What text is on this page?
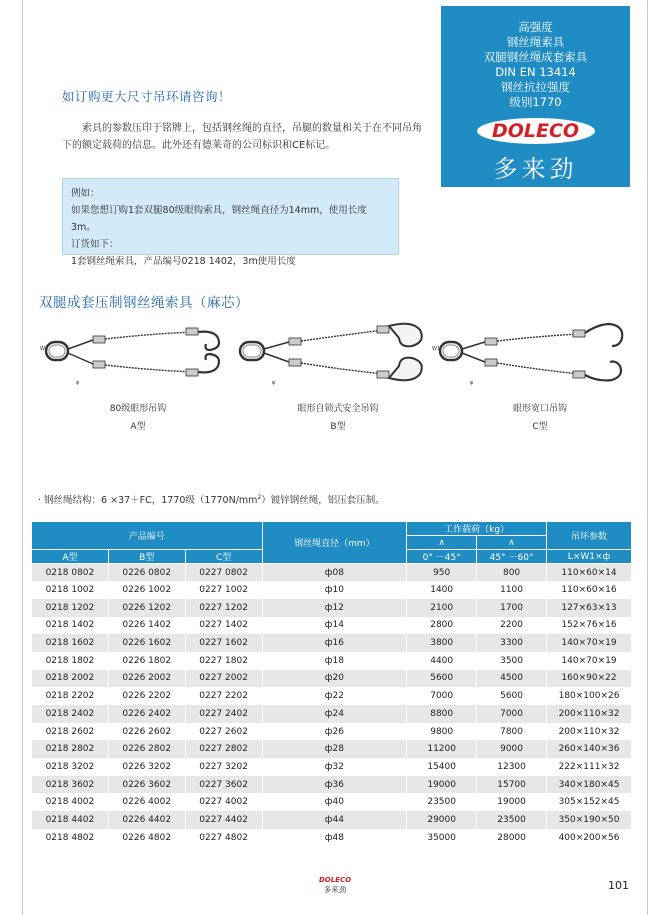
高强度
钢丝绳索具
双腿钢丝绳成套索具
DIN EN 13414
钢丝抗拉强度
级别1770
DOLECO
多来劲
如订购更大尺寸吊环请咨询！
索具的参数压印于铭牌上，包括钢丝绳的直径，吊腿的数量和关于在不同吊角下的额定载荷的信息。此外还有德莱奇的公司标识和CE标记。
例如：
如果您想订购1套双腿80级眼钩索具，钢丝绳直径为14mm，使用长度3m。
订货如下：
1套钢丝绳索具，产品编号0218 1402，3m使用长度
双腿成套压制钢丝绳索具（麻芯）
W1
φ
80级眼形吊钩
A型
φ
眼形自锁式安全吊钩
B型
W1
φ
眼形宽口吊钩
C型
· 钢丝绳结构：6 ×37＋FC，1770级$(1770N/mm^2)$镀锌钢丝绳，铝压套压制。
产品编号			钢丝绳直径（mm）	工作载荷（kg）		吊环参数
				∧	∧	
A型	B型	C型		0° －45°	45° －60°	
						L×W1×ф
0218 0802	0226 0802	0227 0802	ф08	950	800	110×60×14
0218 1002	0226 1002	0227 1002	ф10	1400	1100	110×60×16
0218 1202	0226 1202	0227 1202	ф12	2100	1700	127×63×13
0218 1402	0226 1402	0227 1402	ф14	2800	2200	152×76×16
0218 1602	0226 1602	0227 1602	ф16	3800	3300	140×70×19
0218 1802	0226 1802	0227 1802	ф18	4400	3500	140×70×19
0218 2002	0226 2002	0227 2002	ф20	5600	4500	160×90×22
0218 2202	0226 2202	0227 2202	ф22	7000	5600	180×100×26
0218 2402	0226 2402	0227 2402	ф24	8800	7000	200×110×32
0218 2602	0226 2602	0227 2602	ф26	9800	7800	200×110×32
0218 2802	0226 2802	0227 2802	ф28	11200	9000	260×140×36
0218 3202	0226 3202	0227 3202	ф32	15400	12300	222×111×32
0218 3602	0226 3602	0227 3602	ф36	19000	15700	340×180×45
0218 4002	0226 4002	0227 4002	ф40	23500	19000	305×152×45
0218 4402	0226 4402	0227 4402	ф44	29000	23500	350×190×50
0218 4802	0226 4802	0227 4802	ф48	35000	28000	400×200×56
DOLECO
多来劲	101
